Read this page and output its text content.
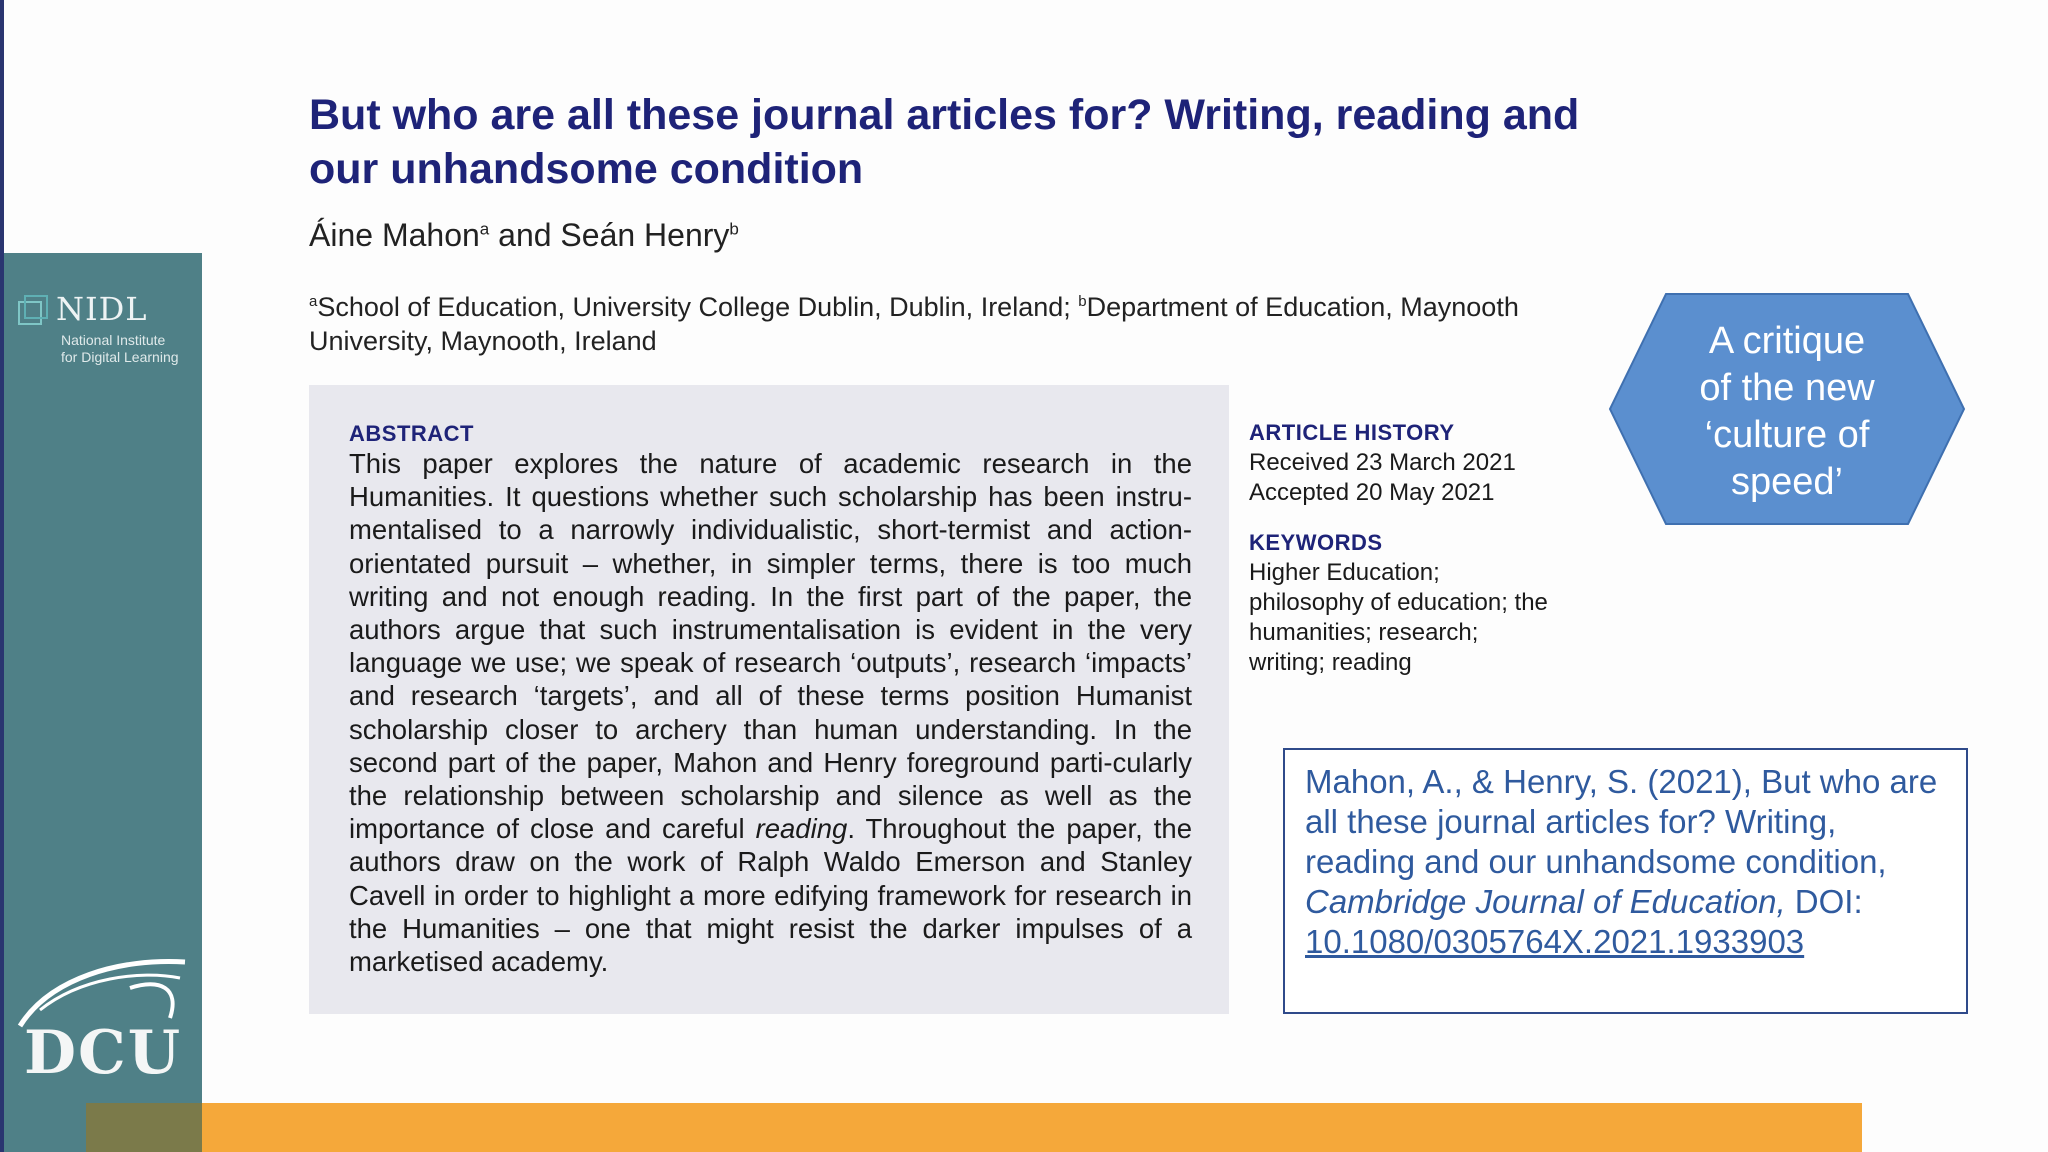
NIDL
National Institute
for Digital Learning
DCU
But who are all these journal articles for? Writing, reading and our unhandsome condition
Áine Mahon$^a$ and Seán Henry$^b$
$^a$School of Education, University College Dublin, Dublin, Ireland; $^b$Department of Education, Maynooth University, Maynooth, Ireland
ABSTRACT

This paper explores the nature of academic research in the Humanities. It questions whether such scholarship has been instru-mentalised to a narrowly individualistic, short-termist and action-orientated pursuit – whether, in simpler terms, there is too much writing and not enough reading. In the first part of the paper, the authors argue that such instrumentalisation is evident in the very language we use; we speak of research ‘outputs’, research ‘impacts’ and research ‘targets’, and all of these terms position Humanist scholarship closer to archery than human understanding. In the second part of the paper, Mahon and Henry foreground parti-cularly the relationship between scholarship and silence as well as the importance of close and careful reading. Throughout the paper, the authors draw on the work of Ralph Waldo Emerson and Stanley Cavell in order to highlight a more edifying framework for research in the Humanities – one that might resist the darker impulses of a marketised academy.

ARTICLE HISTORY
Received 23 March 2021
Accepted 20 May 2021
KEYWORDS
Higher Education;
philosophy of education; the
humanities; research;
writing; reading
A critique
of the new
‘culture of
speed’

Mahon, A., & Henry, S. (2021), But who are all these journal articles for? Writing, reading and our unhandsome condition, Cambridge Journal of Education, DOI: 10.1080/0305764X.2021.1933903
